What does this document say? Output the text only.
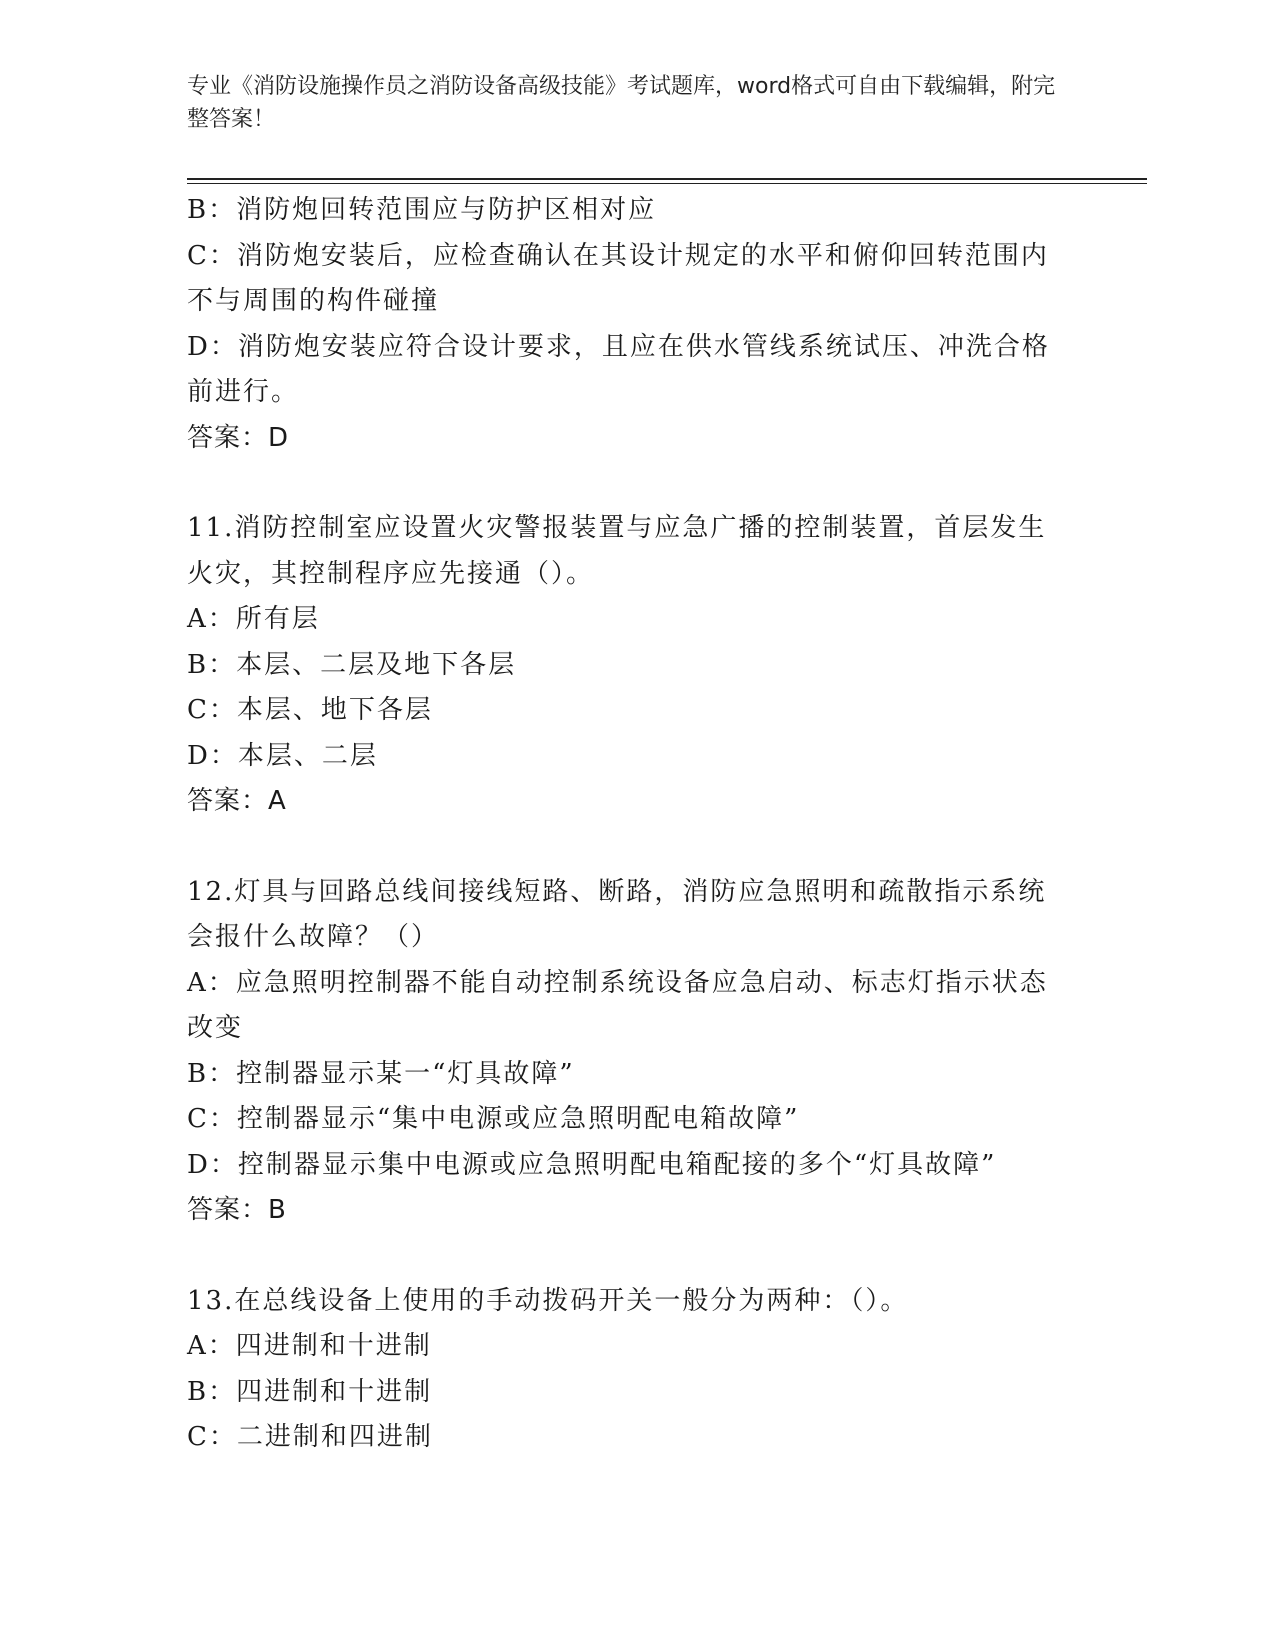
专业《消防设施操作员之消防设备高级技能》考试题库，word格式可自由下载编辑，附完整答案！

B：消防炮回转范围应与防护区相对应

C：消防炮安装后，应检查确认在其设计规定的水平和俯仰回转范围内不与周围的构件碰撞

D：消防炮安装应符合设计要求，且应在供水管线系统试压、冲洗合格前进行。

答案：D

11.消防控制室应设置火灾警报装置与应急广播的控制装置，首层发生火灾，其控制程序应先接通（）。

A：所有层

B：本层、二层及地下各层

C：本层、地下各层

D：本层、二层

答案：A

12.灯具与回路总线间接线短路、断路，消防应急照明和疏散指示系统会报什么故障？（）

A：应急照明控制器不能自动控制系统设备应急启动、标志灯指示状态改变

B：控制器显示某一“灯具故障”

C：控制器显示“集中电源或应急照明配电箱故障”

D：控制器显示集中电源或应急照明配电箱配接的多个“灯具故障”

答案：B

13.在总线设备上使用的手动拨码开关一般分为两种：（）。

A：四进制和十进制

B：四进制和十进制

C：二进制和四进制
